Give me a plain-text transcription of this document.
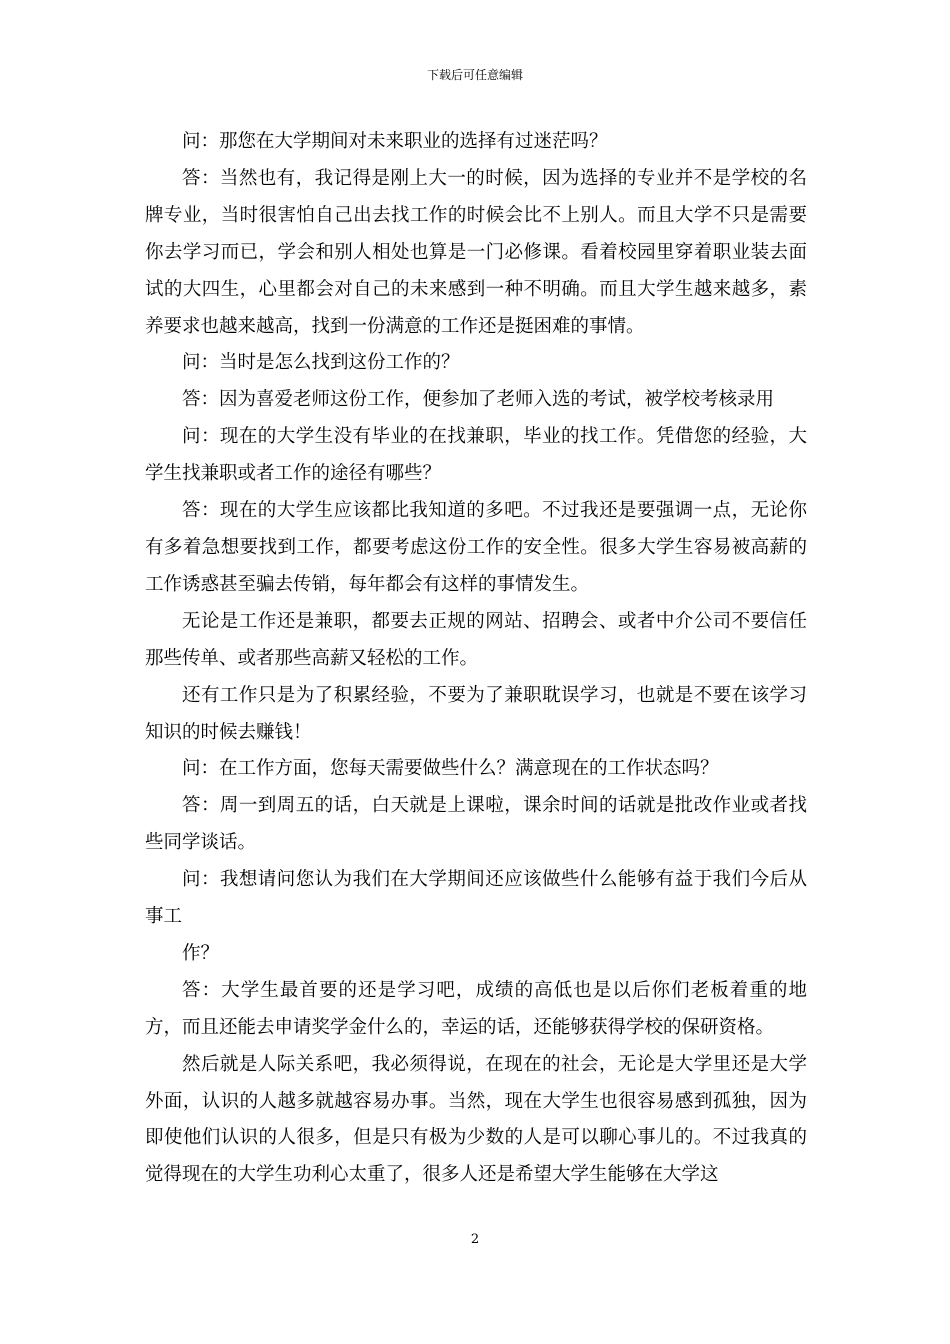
下载后可任意编辑

问：那您在大学期间对未来职业的选择有过迷茫吗？

答：当然也有，我记得是刚上大一的时候，因为选择的专业并不是学校的名牌专业，当时很害怕自己出去找工作的时候会比不上别人。而且大学不只是需要你去学习而已，学会和别人相处也算是一门必修课。看着校园里穿着职业装去面试的大四生，心里都会对自己的未来感到一种不明确。而且大学生越来越多，素养要求也越来越高，找到一份满意的工作还是挺困难的事情。

问：当时是怎么找到这份工作的？

答：因为喜爱老师这份工作，便参加了老师入选的考试，被学校考核录用

问：现在的大学生没有毕业的在找兼职，毕业的找工作。凭借您的经验，大学生找兼职或者工作的途径有哪些？

答：现在的大学生应该都比我知道的多吧。不过我还是要强调一点，无论你有多着急想要找到工作，都要考虑这份工作的安全性。很多大学生容易被高薪的工作诱惑甚至骗去传销，每年都会有这样的事情发生。

无论是工作还是兼职，都要去正规的网站、招聘会、或者中介公司不要信任那些传单、或者那些高薪又轻松的工作。

还有工作只是为了积累经验，不要为了兼职耽误学习，也就是不要在该学习知识的时候去赚钱！

问：在工作方面，您每天需要做些什么？满意现在的工作状态吗？

答：周一到周五的话，白天就是上课啦，课余时间的话就是批改作业或者找些同学谈话。

问：我想请问您认为我们在大学期间还应该做些什么能够有益于我们今后从事工

作？

答：大学生最首要的还是学习吧，成绩的高低也是以后你们老板着重的地方，而且还能去申请奖学金什么的，幸运的话，还能够获得学校的保研资格。

然后就是人际关系吧，我必须得说，在现在的社会，无论是大学里还是大学外面，认识的人越多就越容易办事。当然，现在大学生也很容易感到孤独，因为即使他们认识的人很多，但是只有极为少数的人是可以聊心事儿的。不过我真的觉得现在的大学生功利心太重了，很多人还是希望大学生能够在大学这

2
